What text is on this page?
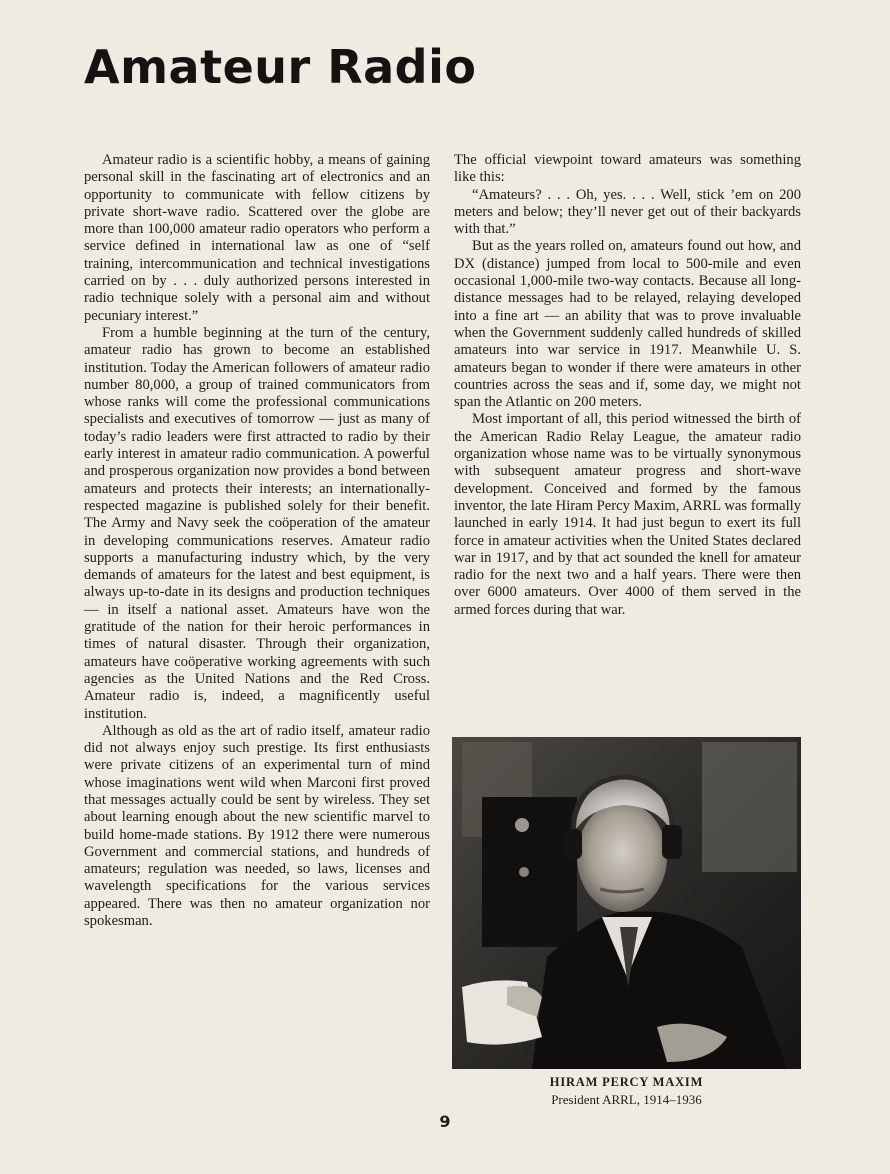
Amateur Radio

Amateur radio is a scientific hobby, a means of gaining personal skill in the fascinating art of electronics and an opportunity to communicate with fellow citizens by private short-wave radio. Scattered over the globe are more than 100,000 amateur radio operators who perform a service defined in international law as one of “self training, intercommunication and technical investigations carried on by . . . duly authorized persons interested in radio technique solely with a personal aim and without pecuniary interest.”

From a humble beginning at the turn of the century, amateur radio has grown to become an established institution. Today the American followers of amateur radio number 80,000, a group of trained communicators from whose ranks will come the professional communications specialists and executives of tomorrow — just as many of today’s radio leaders were first attracted to radio by their early interest in amateur radio communication. A powerful and prosperous organization now provides a bond between amateurs and protects their interests; an internationally-respected magazine is published solely for their benefit. The Army and Navy seek the coöperation of the amateur in developing communications reserves. Amateur radio supports a manufacturing industry which, by the very demands of amateurs for the latest and best equipment, is always up-to-date in its designs and production techniques — in itself a national asset. Amateurs have won the gratitude of the nation for their heroic performances in times of natural disaster. Through their organization, amateurs have coöperative working agreements with such agencies as the United Nations and the Red Cross. Amateur radio is, indeed, a magnificently useful institution.

Although as old as the art of radio itself, amateur radio did not always enjoy such prestige. Its first enthusiasts were private citizens of an experimental turn of mind whose imaginations went wild when Marconi first proved that messages actually could be sent by wireless. They set about learning enough about the new scientific marvel to build home-made stations. By 1912 there were numerous Government and commercial stations, and hundreds of amateurs; regulation was needed, so laws, licenses and wavelength specifications for the various services appeared. There was then no amateur organization nor spokesman.

The official viewpoint toward amateurs was something like this:

“Amateurs? . . . Oh, yes. . . . Well, stick ’em on 200 meters and below; they’ll never get out of their backyards with that.”

But as the years rolled on, amateurs found out how, and DX (distance) jumped from local to 500-mile and even occasional 1,000-mile two-way contacts. Because all long-distance messages had to be relayed, relaying developed into a fine art — an ability that was to prove invaluable when the Government suddenly called hundreds of skilled amateurs into war service in 1917. Meanwhile U. S. amateurs began to wonder if there were amateurs in other countries across the seas and if, some day, we might not span the Atlantic on 200 meters.

Most important of all, this period witnessed the birth of the American Radio Relay League, the amateur radio organization whose name was to be virtually synonymous with subsequent amateur progress and short-wave development. Conceived and formed by the famous inventor, the late Hiram Percy Maxim, ARRL was formally launched in early 1914. It had just begun to exert its full force in amateur activities when the United States declared war in 1917, and by that act sounded the knell for amateur radio for the next two and a half years. There were then over 6000 amateurs. Over 4000 of them served in the armed forces during that war.

HIRAM PERCY MAXIM
President ARRL, 1914–1936
9
